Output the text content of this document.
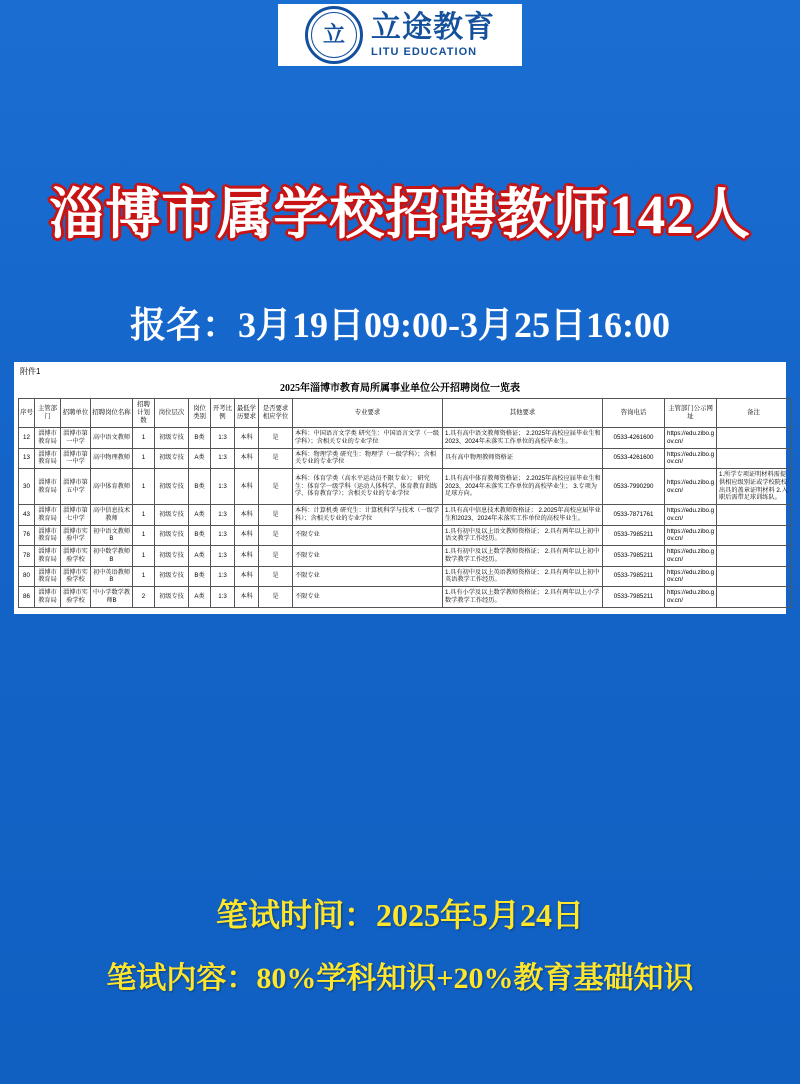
立 立途教育
LITU EDUCATION
淄博市属学校招聘教师142人
报名：3月19日09:00-3月25日16:00
附件1
2025年淄博市教育局所属事业单位公开招聘岗位一览表
序号	主管部门	招聘单位	招聘岗位名称	招聘计划数	岗位层次	岗位类别	开考比例	最低学历要求	是否要求相应学位	专业要求	其他要求	咨询电话	主管部门公示网址	备注
12	淄博市教育局	淄博市第一中学	高中语文教师	1	初级专技	B类	1:3	本科	是	本科：中国语言文学类 研究生：中国语言文学（一级学科）；含相关专业的专业学位	1.具有高中语文教师资格证； 2.2025年高校应届毕业生和2023、2024年未落实工作单位的高校毕业生。	0533-4261600	https://edu.zibo.gov.cn/	
13	淄博市教育局	淄博市第一中学	高中物理教师	1	初级专技	A类	1:3	本科	是	本科：物理学类 研究生：物理学（一级学科）；含相关专业的专业学位	具有高中物理教师资格证	0533-4261600	https://edu.zibo.gov.cn/	
30	淄博市教育局	淄博市第五中学	高中体育教师	1	初级专技	B类	1:3	本科	是	本科：体育学类（高水平运动员不限专业）； 研究生：体育学一级学科（运动人体科学、体育教育训练学、体育教育学）；含相关专业的专业学位	1.具有高中体育教师资格证； 2.2025年高校应届毕业生和2023、2024年未落实工作单位的高校毕业生； 3.专项为足球方向。	0533-7990290	https://edu.zibo.gov.cn/	1.所学专项证明材料需提供相应级别证或学校院校出具的盖章证明材料 2.入职后需带足球训练队。
43	淄博市教育局	淄博市第七中学	高中信息技术教师	1	初级专技	A类	1:3	本科	是	本科：计算机类 研究生：计算机科学与技术（一级学科）；含相关专业的专业学位	1.具有高中信息技术教师资格证； 2.2025年高校应届毕业生和2023、2024年未落实工作单位的高校毕业生。	0533-7871761	https://edu.zibo.gov.cn/	
76	淄博市教育局	淄博市实验中学	初中语文教师B	1	初级专技	B类	1:3	本科	是	不限专业	1.具有初中及以上语文教师资格证； 2.具有两年以上初中语文教学工作经历。	0533-7985211	https://edu.zibo.gov.cn/	
78	淄博市教育局	淄博市实验学校	初中数学教师B	1	初级专技	A类	1:3	本科	是	不限专业	1.具有初中及以上数学教师资格证； 2.具有两年以上初中数学教学工作经历。	0533-7985211	https://edu.zibo.gov.cn/	
80	淄博市教育局	淄博市实验学校	初中英语教师B	1	初级专技	B类	1:3	本科	是	不限专业	1.具有初中及以上英语教师资格证； 2.具有两年以上初中英语教学工作经历。	0533-7985211	https://edu.zibo.gov.cn/	
86	淄博市教育局	淄博市实验学校	中小学数学教师B	2	初级专技	A类	1:3	本科	是	不限专业	1.具有小学及以上数学教师资格证； 2.具有两年以上小学数学教学工作经历。	0533-7985211	https://edu.zibo.gov.cn/	
笔试时间：2025年5月24日
笔试内容：80%学科知识+20%教育基础知识
